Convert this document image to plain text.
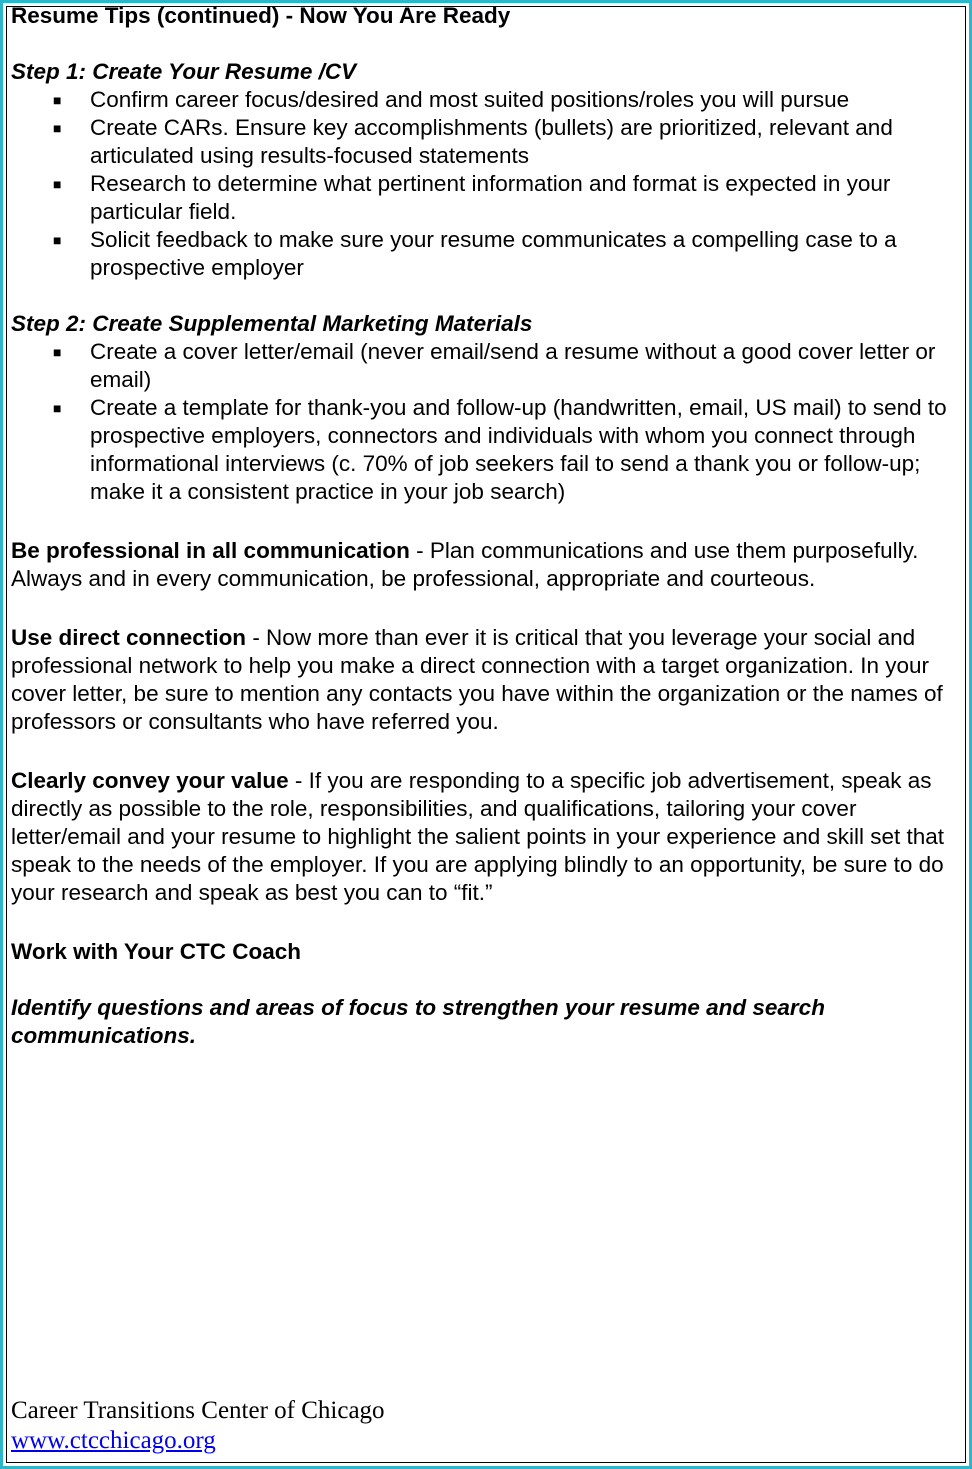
Resume Tips (continued) - Now You Are Ready

Step 1: Create Your Resume /CV

■ Confirm career focus/desired and most suited positions/roles you will pursue
■ Create CARs. Ensure key accomplishments (bullets) are prioritized, relevant and articulated using results-focused statements
■ Research to determine what pertinent information and format is expected in your particular field.
■ Solicit feedback to make sure your resume communicates a compelling case to a prospective employer

Step 2: Create Supplemental Marketing Materials

■ Create a cover letter/email (never email/send a resume without a good cover letter or email)
■ Create a template for thank-you and follow-up (handwritten, email, US mail) to send to prospective employers, connectors and individuals with whom you connect through informational interviews (c. 70% of job seekers fail to send a thank you or follow-up; make it a consistent practice in your job search)

Be professional in all communication - Plan communications and use them purposefully. Always and in every communication, be professional, appropriate and courteous.

Use direct connection - Now more than ever it is critical that you leverage your social and professional network to help you make a direct connection with a target organization. In your cover letter, be sure to mention any contacts you have within the organization or the names of professors or consultants who have referred you.

Clearly convey your value - If you are responding to a specific job advertisement, speak as directly as possible to the role, responsibilities, and qualifications, tailoring your cover letter/email and your resume to highlight the salient points in your experience and skill set that speak to the needs of the employer. If you are applying blindly to an opportunity, be sure to do your research and speak as best you can to “fit.”

Work with Your CTC Coach

Identify questions and areas of focus to strengthen your resume and search communications.

Career Transitions Center of Chicago
www.ctcchicago.org
